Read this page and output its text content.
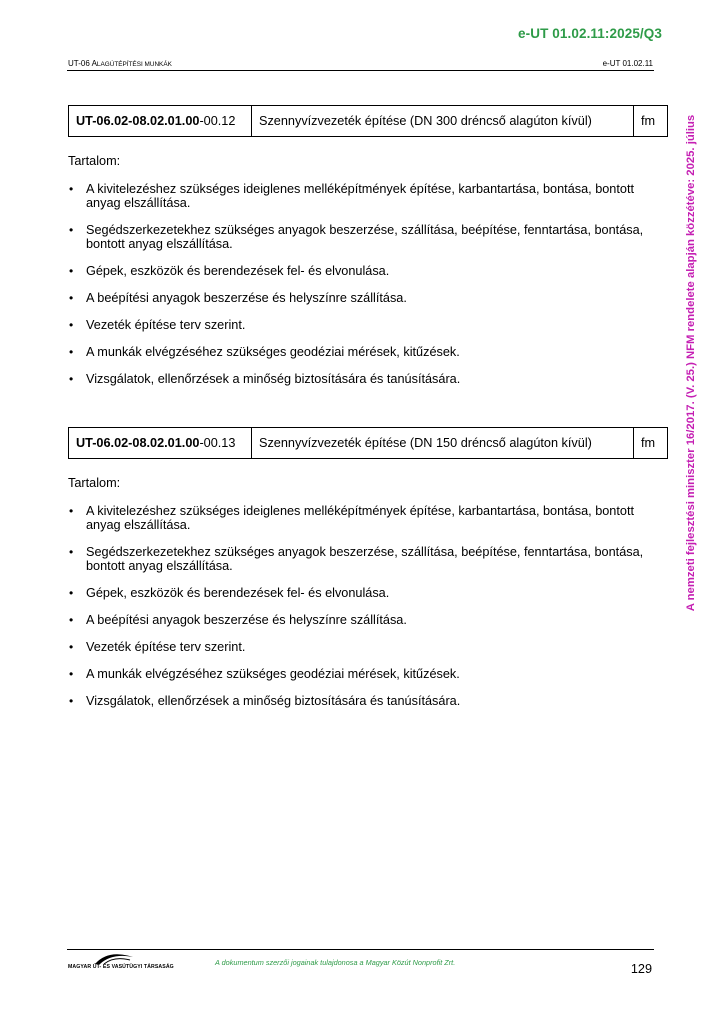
e-UT 01.02.11:2025/Q3
UT-06 ALAGÚTÉPÍTÉSI MUNKÁK	e-UT 01.02.11
A nemzeti fejlesztési miniszter 16/2017. (V. 25.) NFM rendelete alapján közzétéve: 2025. július
UT-06.02-08.02.01.00 -00.12	Szennyvízvezeték építése (DN 300 dréncső alagúton kívül)	fm
Tartalom:
• A kivitelezéshez szükséges ideiglenes melléképítmények építése, karbantartása, bontása, bontott anyag elszállítása.
• Segédszerkezetekhez szükséges anyagok beszerzése, szállítása, beépítése, fenntartása, bontása, bontott anyag elszállítása.
• Gépek, eszközök és berendezések fel- és elvonulása.
• A beépítési anyagok beszerzése és helyszínre szállítása.
• Vezeték építése terv szerint.
• A munkák elvégzéséhez szükséges geodéziai mérések, kitűzések.
• Vizsgálatok, ellenőrzések a minőség biztosítására és tanúsítására.
UT-06.02-08.02.01.00 -00.13	Szennyvízvezeték építése (DN 150 dréncső alagúton kívül)	fm
Tartalom:
• A kivitelezéshez szükséges ideiglenes melléképítmények építése, karbantartása, bontása, bontott anyag elszállítása.
• Segédszerkezetekhez szükséges anyagok beszerzése, szállítása, beépítése, fenntartása, bontása, bontott anyag elszállítása.
• Gépek, eszközök és berendezések fel- és elvonulása.
• A beépítési anyagok beszerzése és helyszínre szállítása.
• Vezeték építése terv szerint.
• A munkák elvégzéséhez szükséges geodéziai mérések, kitűzések.
• Vizsgálatok, ellenőrzések a minőség biztosítására és tanúsítására.
MAGYAR ÚT- ÉS VASÚTÜGYI TÁRSASÁG	A dokumentum szerzői jogainak tulajdonosa a Magyar Közút Nonprofit Zrt.	129
